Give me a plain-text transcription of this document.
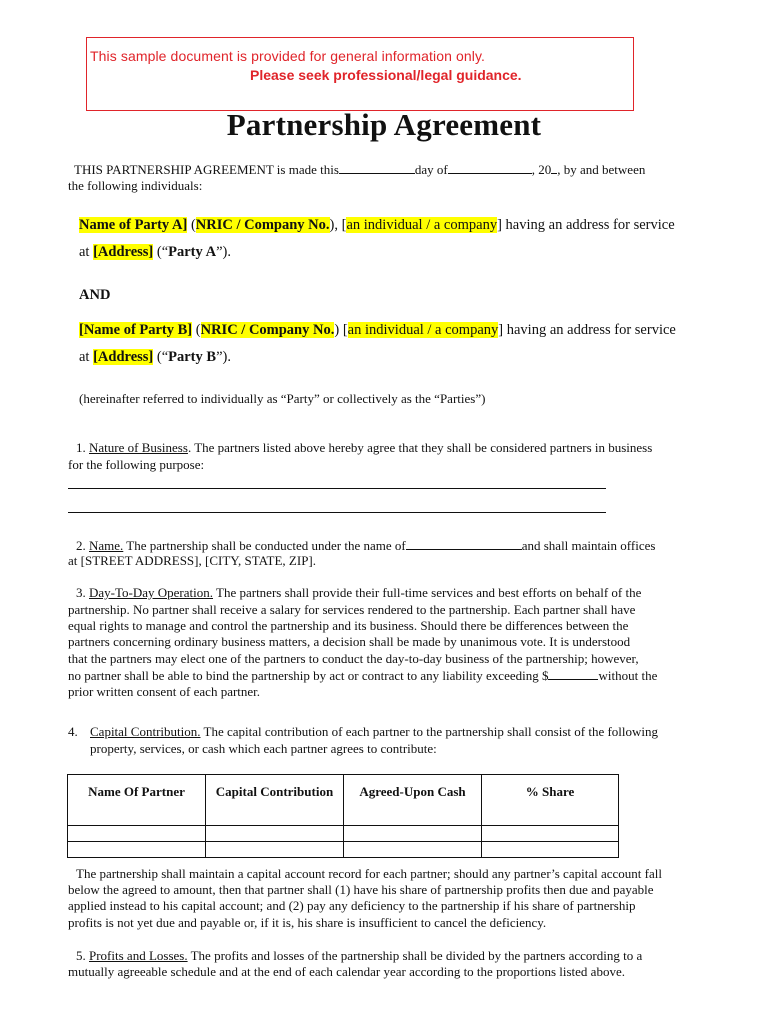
This sample document is provided for general information only.
Please seek professional/legal guidance.
Partnership Agreement
THIS PARTNERSHIP AGREEMENT is made this	day of	, 20 , by and between
the following individuals:
Name of Party A] (NRIC / Company No.), [an individual / a company] having an address for service
at [Address] (“Party A”).
AND
[Name of Party B] (NRIC / Company No.) [an individual / a company] having an address for service
at [Address] (“Party B”).
(hereinafter referred to individually as “Party” or collectively as the “Parties”)
1. Nature of Business. The partners listed above hereby agree that they shall be considered partners in business
for the following purpose:
2. Name. The partnership shall be conducted under the name of	and shall maintain offices
at [STREET ADDRESS], [CITY, STATE, ZIP].
3. Day-To-Day Operation. The partners shall provide their full-time services and best efforts on behalf of the
partnership. No partner shall receive a salary for services rendered to the partnership. Each partner shall have
equal rights to manage and control the partnership and its business. Should there be differences between the
partners concerning ordinary business matters, a decision shall be made by unanimous vote. It is understood
that the partners may elect one of the partners to conduct the day-to-day business of the partnership; however,
no partner shall be able to bind the partnership by act or contract to any liability exceeding $	without the
prior written consent of each partner.
4. Capital Contribution. The capital contribution of each partner to the partnership shall consist of the following
property, services, or cash which each partner agrees to contribute:
Name Of Partner	Capital Contribution	Agreed-Upon Cash	% Share

The partnership shall maintain a capital account record for each partner; should any partner’s capital account fall
below the agreed to amount, then that partner shall (1) have his share of partnership profits then due and payable
applied instead to his capital account; and (2) pay any deficiency to the partnership if his share of partnership
profits is not yet due and payable or, if it is, his share is insufficient to cancel the deficiency.
5. Profits and Losses. The profits and losses of the partnership shall be divided by the partners according to a
mutually agreeable schedule and at the end of each calendar year according to the proportions listed above.
